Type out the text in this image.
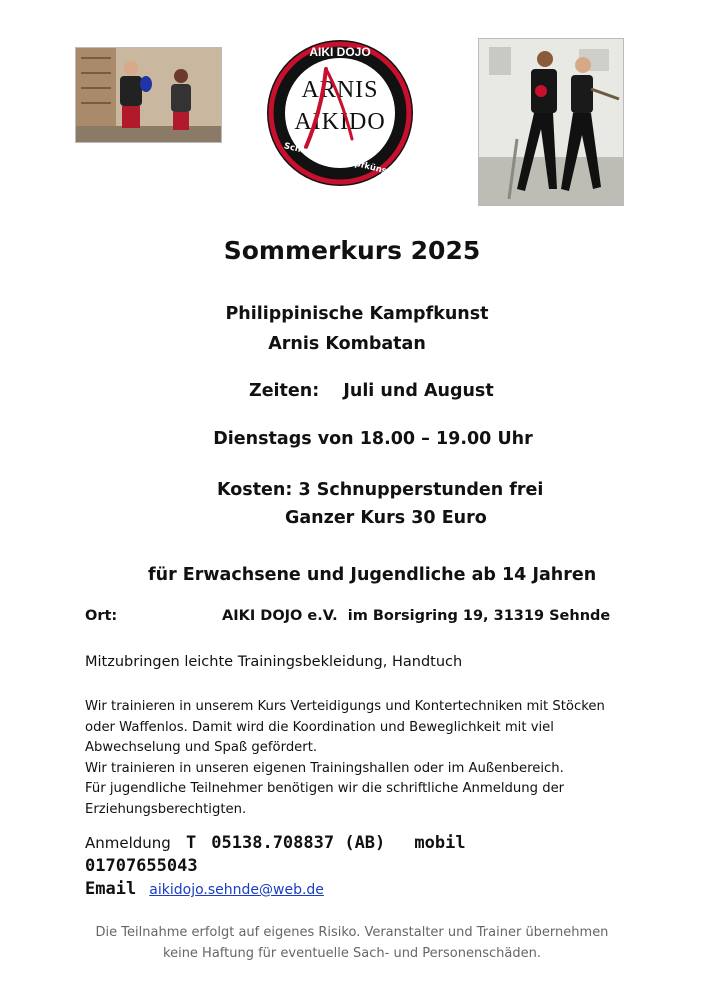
AIKI DOJO
ARNIS
AIKIDO
Schule für Kampfkünste
Sommerkurs 2025
Philippinische Kampfkunst
Arnis Kombatan
Zeiten: Juli und August
Dienstags von 18.00 – 19.00 Uhr
Kosten: 3 Schnupperstunden frei
Ganzer Kurs 30 Euro
für Erwachsene und Jugendliche ab 14 Jahren
Ort:	AIKI DOJO e.V.  im Borsigring 19, 31319 Sehnde
Mitzubringen leichte Trainingsbekleidung, Handtuch
Wir trainieren in unserem Kurs Verteidigungs und Kontertechniken mit Stöcken
oder Waffenlos. Damit wird die Koordination und Beweglichkeit mit viel
Abwechselung und Spaß gefördert.
Wir trainieren in unseren eigenen Trainingshallen oder im Außenbereich.
Für jugendliche Teilnehmer benötigen wir die schriftliche Anmeldung der
Erziehungsberechtigten.
Anmeldung T 05138.708837 (AB) mobil
01707655043
Email aikidojo.sehnde@web.de
Die Teilnahme erfolgt auf eigenes Risiko. Veranstalter und Trainer übernehmen
keine Haftung für eventuelle Sach- und Personenschäden.
